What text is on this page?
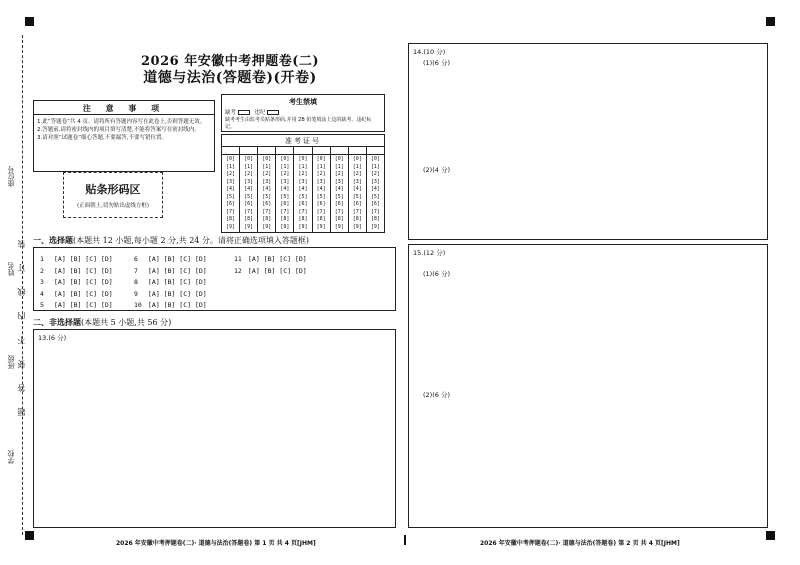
座位号
姓名
班级
学校
装
订
线
内
不
要
答
题
2026 年安徽中考押题卷(二)
道德与法治(答题卷)(开卷)
注 意 事 项
1.此“答题卷”共 4 页。请将所有答题内容写在此卷上,否则答题无效。
2.答题前,请将密封线内的项目填写清楚,不能将答案写在密封线内。
3.请对照“试题卷”细心答题,不要漏答,不要写错位置。
贴条形码区
(正面朝上,切勿贴出虚线方框)
考生禁填
缺考	违纪
缺考考生由监考员贴条形码,并用 2B 铅笔填涂上边的缺考、违纪标记。
准考证号
[0]
[1]
[2]
[3]
[4]
[5]
[6]
[7]
[8]
[9]
[0]
[1]
[2]
[3]
[4]
[5]
[6]
[7]
[8]
[9]
[0]
[1]
[2]
[3]
[4]
[5]
[6]
[7]
[8]
[9]
[0]
[1]
[2]
[3]
[4]
[5]
[6]
[7]
[8]
[9]
[0]
[1]
[2]
[3]
[4]
[5]
[6]
[7]
[8]
[9]
[0]
[1]
[2]
[3]
[4]
[5]
[6]
[7]
[8]
[9]
[0]
[1]
[2]
[3]
[4]
[5]
[6]
[7]
[8]
[9]
[0]
[1]
[2]
[3]
[4]
[5]
[6]
[7]
[8]
[9]
[0]
[1]
[2]
[3]
[4]
[5]
[6]
[7]
[8]
[9]
一、选择题(本题共 12 小题,每小题 2 分,共 24 分。请将正确选项填入答题框)
1 [A] [B] [C] [D]
2 [A] [B] [C] [D]
3 [A] [B] [C] [D]
4 [A] [B] [C] [D]
5 [A] [B] [C] [D]
6 [A] [B] [C] [D]
7 [A] [B] [C] [D]
8 [A] [B] [C] [D]
9 [A] [B] [C] [D]
10 [A] [B] [C] [D]
11 [A] [B] [C] [D]
12 [A] [B] [C] [D]
二、非选择题(本题共 5 小题,共 56 分)
13.(6 分)
14.(10 分)
(1)(6 分)
(2)(4 分)
15.(12 分)
(1)(6 分)
(2)(6 分)
2026 年安徽中考押题卷(二)· 道德与法治(答题卷) 第 1 页 共 4 页[JHM]	2026 年安徽中考押题卷(二)· 道德与法治(答题卷) 第 2 页 共 4 页[JHM]
